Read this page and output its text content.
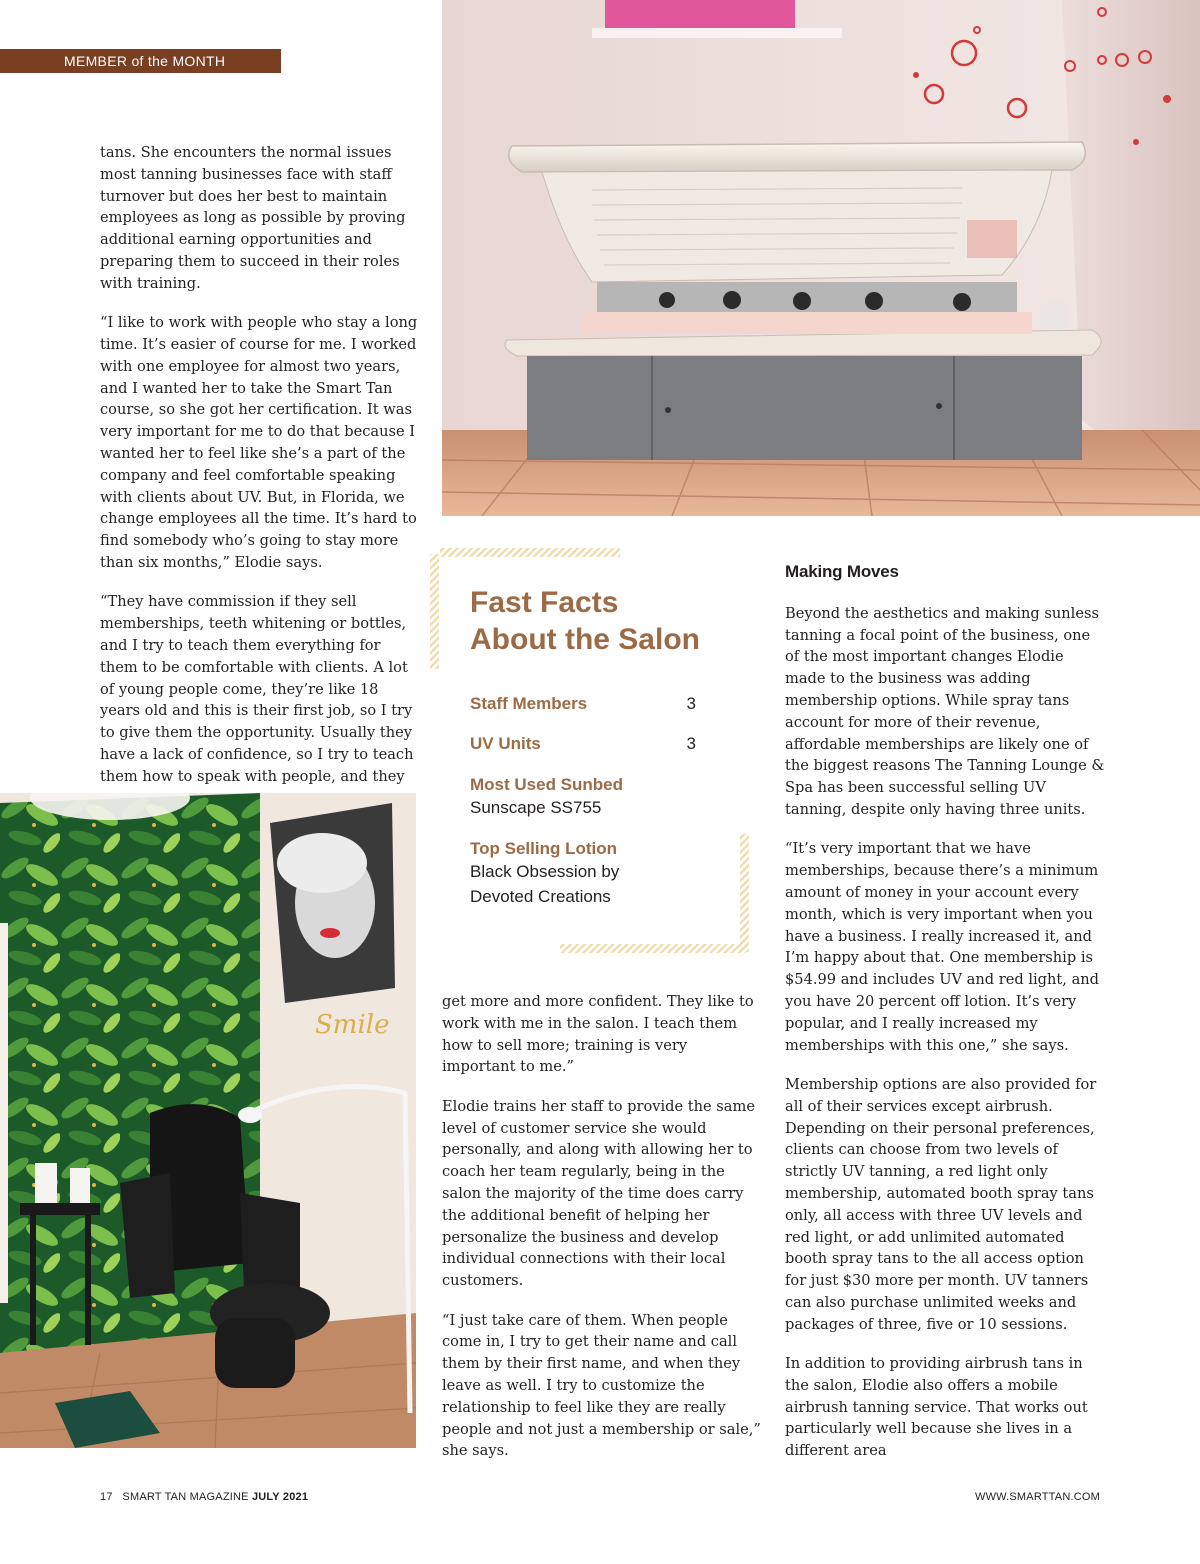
MEMBER of the MONTH

tans. She encounters the normal issues most tanning businesses face with staff turnover but does her best to maintain employees as long as possible by proving additional earning opportunities and preparing them to succeed in their roles with training.

“I like to work with people who stay a long time. It’s easier of course for me. I worked with one employee for almost two years, and I wanted her to take the Smart Tan course, so she got her certification. It was very important for me to do that because I wanted her to feel like she’s a part of the company and feel comfortable speaking with clients about UV. But, in Florida, we change employees all the time. It’s hard to find somebody who’s going to stay more than six months,” Elodie says.

“They have commission if they sell memberships, teeth whitening or bottles, and I try to teach them everything for them to be comfortable with clients. A lot of young people come, they’re like 18 years old and this is their first job, so I try to give them the opportunity. Usually they have a lack of confidence, so I try to teach them how to speak with people, and they

Fast Facts
About the Salon
Staff Members	3
UV Units	3
Most Used Sunbed
Sunscape SS755
Top Selling Lotion
Black Obsession by
Devoted Creations
Making Moves

Beyond the aesthetics and making sunless tanning a focal point of the business, one of the most important changes Elodie made to the business was adding membership options. While spray tans account for more of their revenue, affordable memberships are likely one of the biggest reasons The Tanning Lounge & Spa has been successful selling UV tanning, despite only having three units.

“It’s very important that we have memberships, because there’s a minimum amount of money in your account every month, which is very important when you have a business. I really increased it, and I’m happy about that. One membership is $54.99 and includes UV and red light, and you have 20 percent off lotion. It’s very popular, and I really increased my memberships with this one,” she says.

Membership options are also provided for all of their services except airbrush. Depending on their personal preferences, clients can choose from two levels of strictly UV tanning, a red light only membership, automated booth spray tans only, all access with three UV levels and red light, or add unlimited automated booth spray tans to the all access option for just $30 more per month. UV tanners can also purchase unlimited weeks and packages of three, five or 10 sessions.

In addition to providing airbrush tans in the salon, Elodie also offers a mobile airbrush tanning service. That works out particularly well because she lives in a different area

Smile

get more and more confident. They like to work with me in the salon. I teach them how to sell more; training is very important to me.”

Elodie trains her staff to provide the same level of customer service she would personally, and along with allowing her to coach her team regularly, being in the salon the majority of the time does carry the additional benefit of helping her personalize the business and develop individual connections with their local customers.

“I just take care of them. When people come in, I try to get their name and call them by their first name, and when they leave as well. I try to customize the relationship to feel like they are really people and not just a membership or sale,” she says.

17 SMART TAN MAGAZINE JULY 2021	WWW.SMARTTAN.COM
